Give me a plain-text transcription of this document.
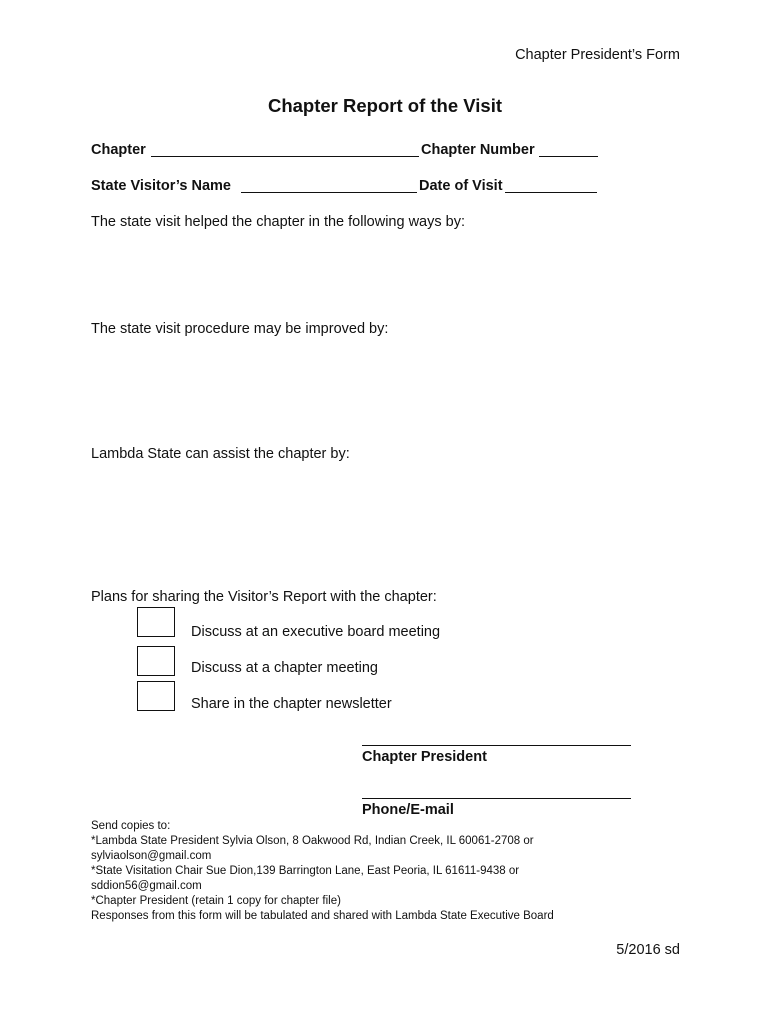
Chapter President’s Form
Chapter Report of the Visit
Chapter	Chapter Number
State Visitor’s Name	Date of Visit
The state visit helped the chapter in the following ways by:
The state visit procedure may be improved by:
Lambda State can assist the chapter by:
Plans for sharing the Visitor’s Report with the chapter:
Discuss at an executive board meeting
Discuss at a chapter meeting
Share in the chapter newsletter
Chapter President
Phone/E-mail
Send copies to:
*Lambda State President Sylvia Olson, 8 Oakwood Rd, Indian Creek, IL 60061-2708 or
sylviaolson@gmail.com
*State Visitation Chair Sue Dion,139 Barrington Lane, East Peoria, IL 61611-9438 or
sddion56@gmail.com
*Chapter President (retain 1 copy for chapter file)
Responses from this form will be tabulated and shared with Lambda State Executive Board
5/2016 sd
